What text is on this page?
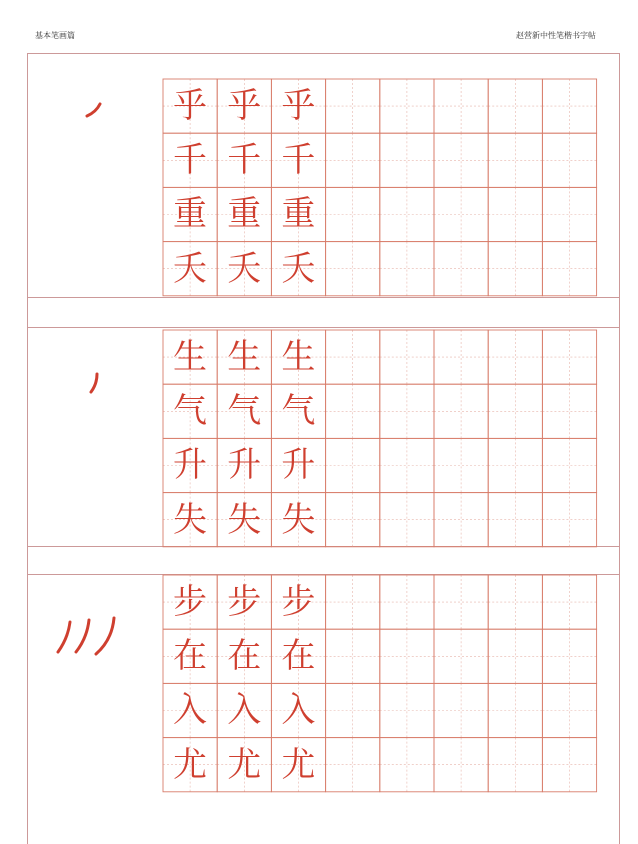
基本笔画篇	赵营新中性笔楷书字帖
乎 乎 乎
千 千 千
重 重 重
夭 夭 夭
生 生 生
气 气 气
升 升 升
失 失 失
步 步 步
在 在 在
入 入 入
尤 尤 尤
